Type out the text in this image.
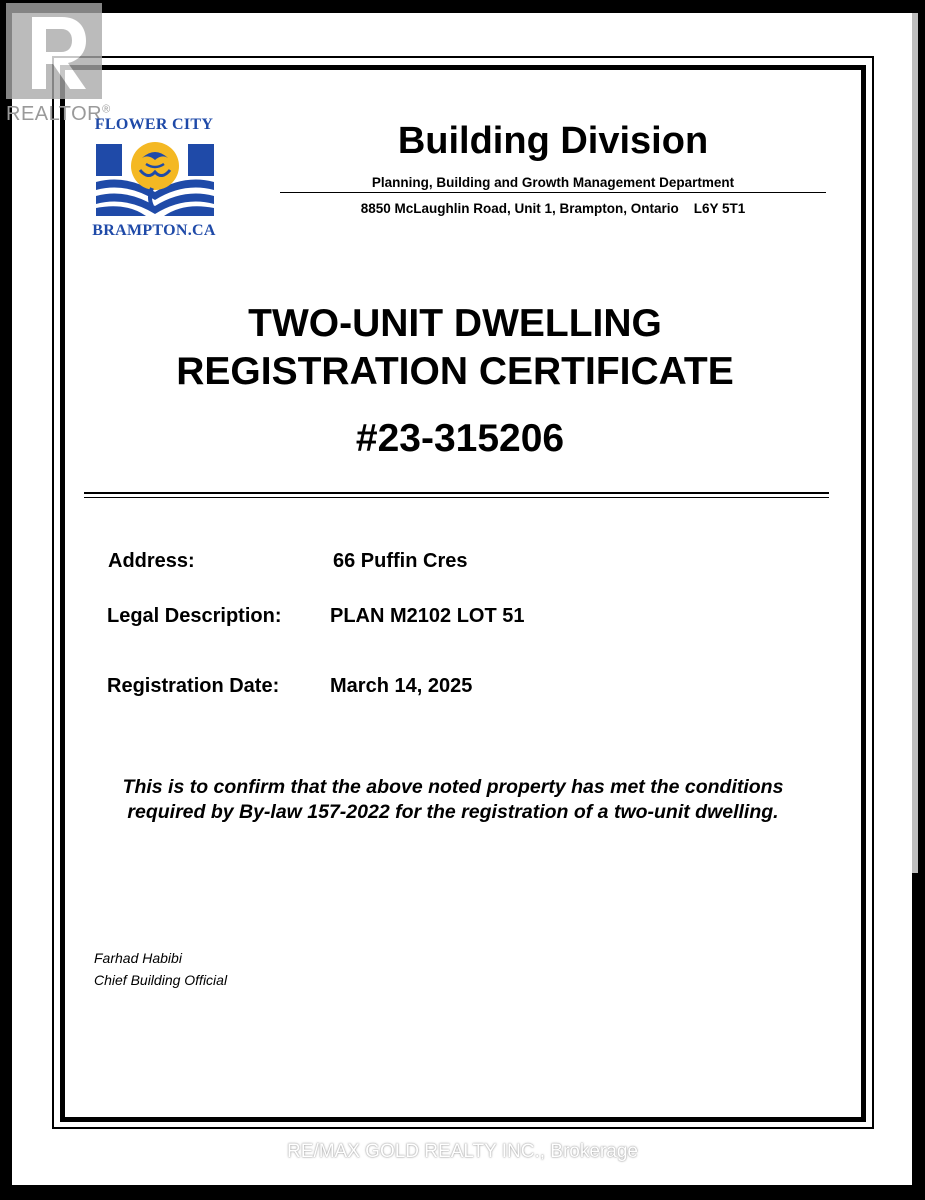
REALTOR®
FLOWER CITY
BRAMPTON.CA
Building Division
Planning, Building and Growth Management Department
8850 McLaughlin Road, Unit 1, Brampton, Ontario    L6Y 5T1
TWO-UNIT DWELLING
REGISTRATION CERTIFICATE
#23-315206
Address:	66 Puffin Cres
Legal Description: PLAN M2102 LOT 51
Registration Date:	March 14, 2025
This is to confirm that the above noted property has met the conditions
required by By-law 157-2022 for the registration of a two-unit dwelling.
Farhad Habibi
Chief Building Official
RE/MAX GOLD REALTY INC., Brokerage
